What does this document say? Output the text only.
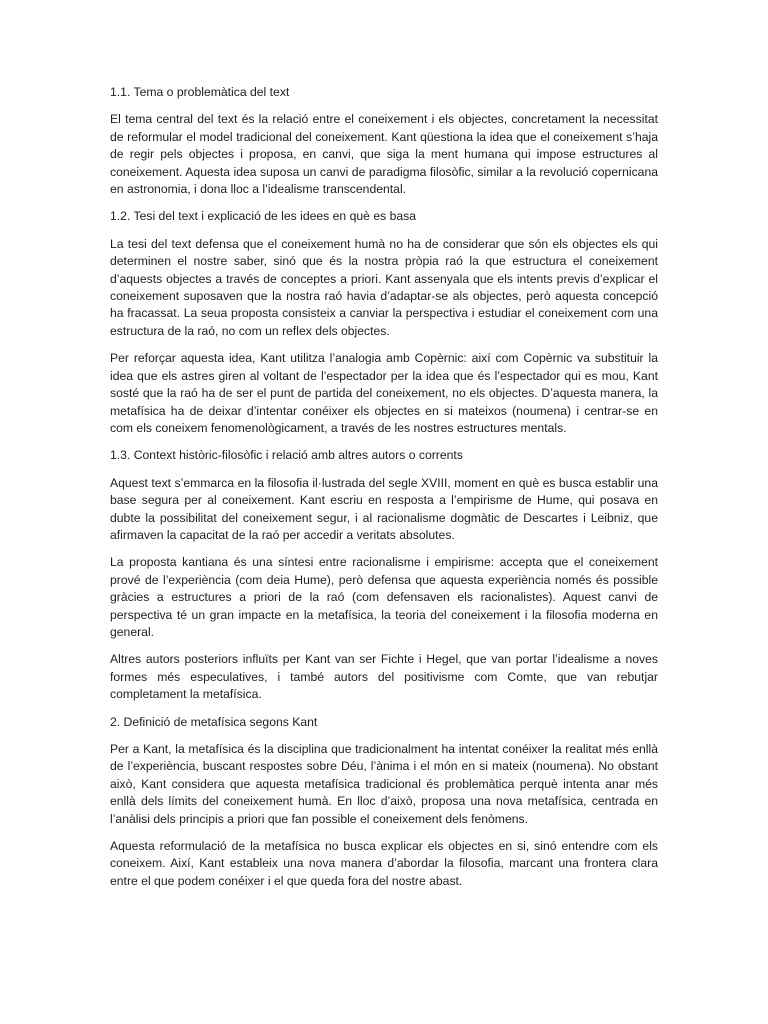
1.1. Tema o problemàtica del text

El tema central del text és la relació entre el coneixement i els objectes, concretament la necessitat de reformular el model tradicional del coneixement. Kant qüestiona la idea que el coneixement s’haja de regir pels objectes i proposa, en canvi, que siga la ment humana qui impose estructures al coneixement. Aquesta idea suposa un canvi de paradigma filosòfic, similar a la revolució copernicana en astronomia, i dona lloc a l’idealisme transcendental.

1.2. Tesi del text i explicació de les idees en què es basa

La tesi del text defensa que el coneixement humà no ha de considerar que són els objectes els qui determinen el nostre saber, sinó que és la nostra pròpia raó la que estructura el coneixement d’aquests objectes a través de conceptes a priori. Kant assenyala que els intents previs d’explicar el coneixement suposaven que la nostra raó havia d’adaptar-se als objectes, però aquesta concepció ha fracassat. La seua proposta consisteix a canviar la perspectiva i estudiar el coneixement com una estructura de la raó, no com un reflex dels objectes.

Per reforçar aquesta idea, Kant utilitza l’analogia amb Copèrnic: així com Copèrnic va substituir la idea que els astres giren al voltant de l’espectador per la idea que és l’espectador qui es mou, Kant sosté que la raó ha de ser el punt de partida del coneixement, no els objectes. D’aquesta manera, la metafísica ha de deixar d’intentar conéixer els objectes en si mateixos (noumena) i centrar-se en com els coneixem fenomenològicament, a través de les nostres estructures mentals.

1.3. Context històric-filosòfic i relació amb altres autors o corrents

Aquest text s’emmarca en la filosofia il·lustrada del segle XVIII, moment en què es busca establir una base segura per al coneixement. Kant escriu en resposta a l’empirisme de Hume, qui posava en dubte la possibilitat del coneixement segur, i al racionalisme dogmàtic de Descartes i Leibniz, que afirmaven la capacitat de la raó per accedir a veritats absolutes.

La proposta kantiana és una síntesi entre racionalisme i empirisme: accepta que el coneixement prové de l’experiència (com deia Hume), però defensa que aquesta experiència només és possible gràcies a estructures a priori de la raó (com defensaven els racionalistes). Aquest canvi de perspectiva té un gran impacte en la metafísica, la teoria del coneixement i la filosofia moderna en general.

Altres autors posteriors influïts per Kant van ser Fichte i Hegel, que van portar l’idealisme a noves formes més especulatives, i també autors del positivisme com Comte, que van rebutjar completament la metafísica.

2. Definició de metafísica segons Kant

Per a Kant, la metafísica és la disciplina que tradicionalment ha intentat conéixer la realitat més enllà de l’experiència, buscant respostes sobre Déu, l’ànima i el món en si mateix (noumena). No obstant això, Kant considera que aquesta metafísica tradicional és problemàtica perquè intenta anar més enllà dels límits del coneixement humà. En lloc d’això, proposa una nova metafísica, centrada en l’anàlisi dels principis a priori que fan possible el coneixement dels fenòmens.

Aquesta reformulació de la metafísica no busca explicar els objectes en si, sinó entendre com els coneixem. Així, Kant estableix una nova manera d’abordar la filosofia, marcant una frontera clara entre el que podem conéixer i el que queda fora del nostre abast.
